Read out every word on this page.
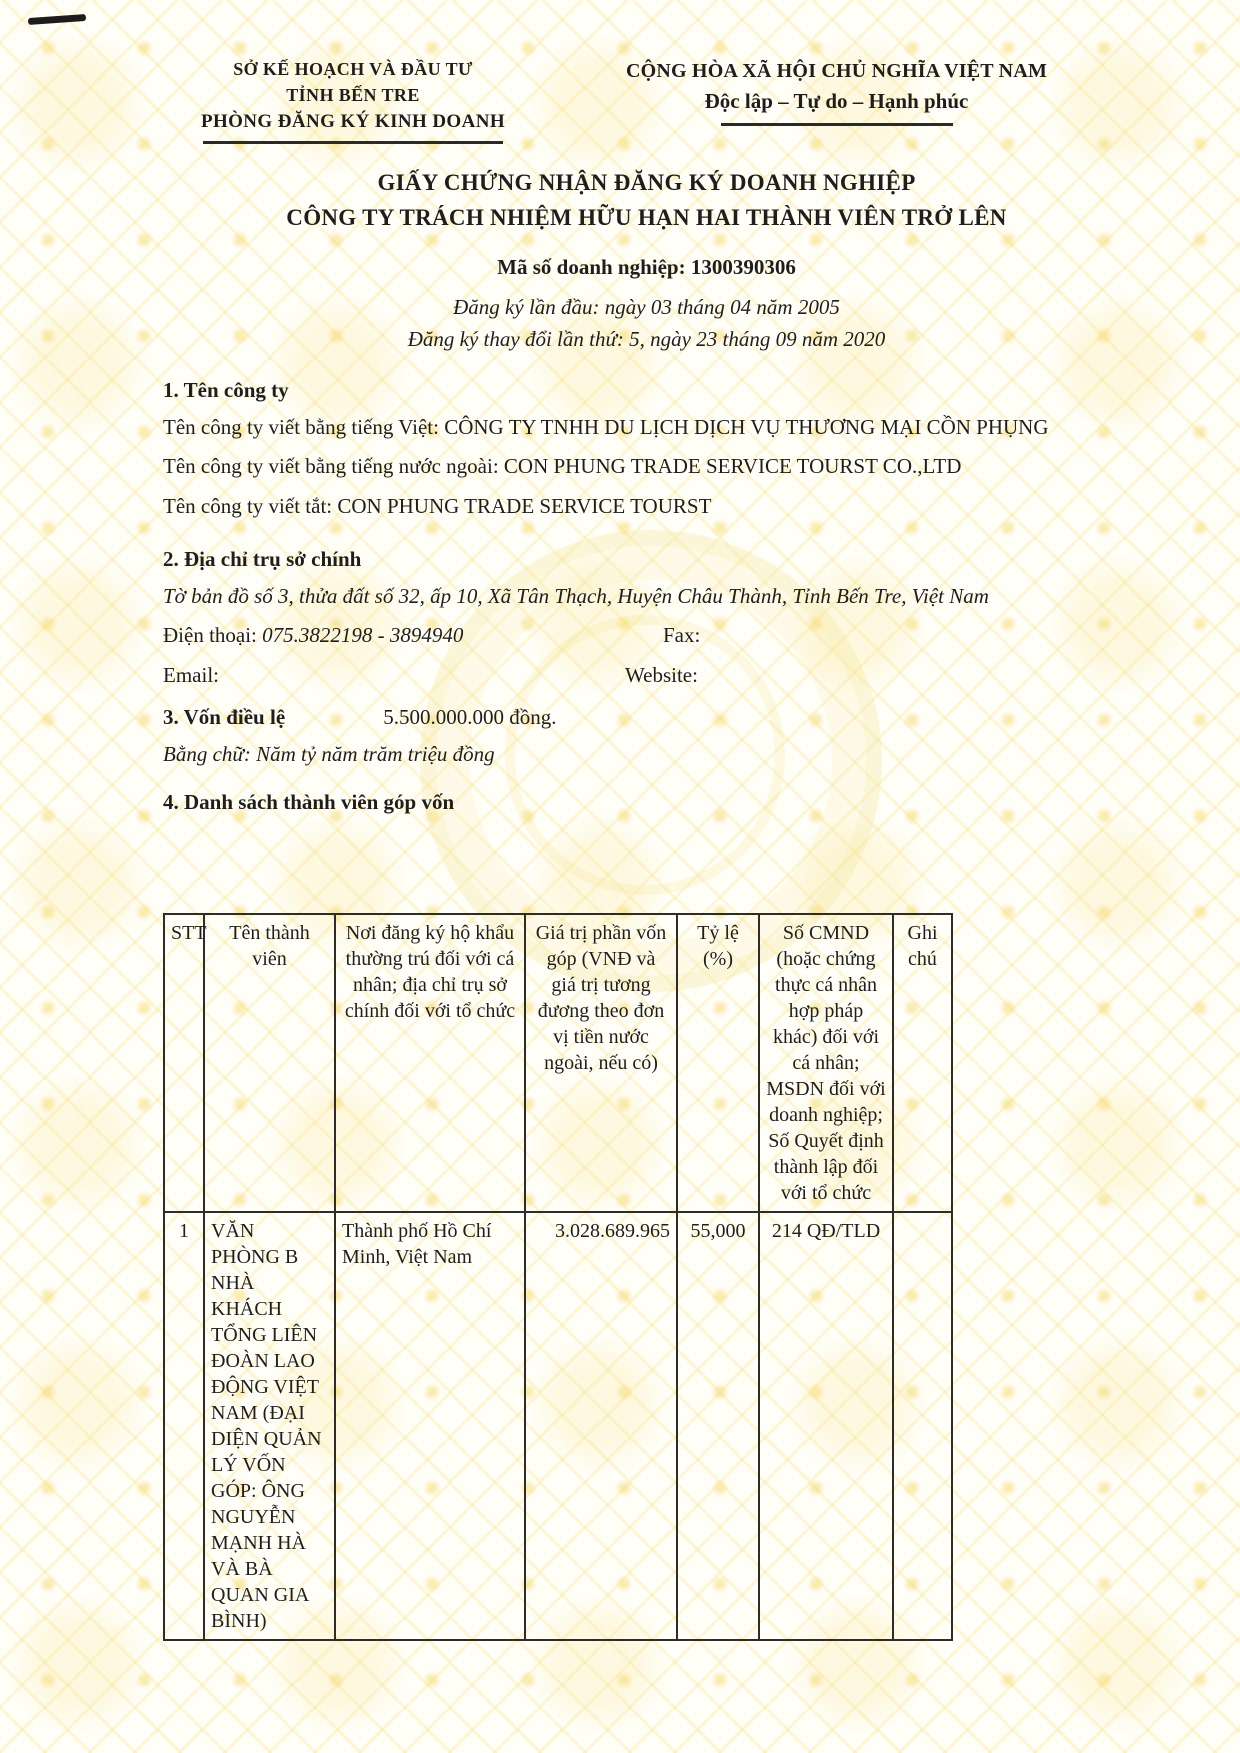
SỞ KẾ HOẠCH VÀ ĐẦU TƯ
TỈNH BẾN TRE
PHÒNG ĐĂNG KÝ KINH DOANH
CỘNG HÒA XÃ HỘI CHỦ NGHĨA VIỆT NAM
Độc lập – Tự do – Hạnh phúc
GIẤY CHỨNG NHẬN ĐĂNG KÝ DOANH NGHIỆP
CÔNG TY TRÁCH NHIỆM HỮU HẠN HAI THÀNH VIÊN TRỞ LÊN
Mã số doanh nghiệp: 1300390306
Đăng ký lần đầu: ngày 03 tháng 04 năm 2005
Đăng ký thay đổi lần thứ: 5, ngày 23 tháng 09 năm 2020
1. Tên công ty
Tên công ty viết bằng tiếng Việt: CÔNG TY TNHH DU LỊCH DỊCH VỤ THƯƠNG MẠI CỒN PHỤNG
Tên công ty viết bằng tiếng nước ngoài: CON PHUNG TRADE SERVICE TOURST CO.,LTD
Tên công ty viết tắt: CON PHUNG TRADE SERVICE TOURST
2. Địa chỉ trụ sở chính
Tờ bản đồ số 3, thửa đất số 32, ấp 10, Xã Tân Thạch, Huyện Châu Thành, Tỉnh Bến Tre, Việt Nam
Điện thoại: 075.3822198 - 3894940	Fax:
Email:	Website:
3. Vốn điều lệ	5.500.000.000 đồng.
Bằng chữ: Năm tỷ năm trăm triệu đồng
4. Danh sách thành viên góp vốn
STT	Tên thành viên	Nơi đăng ký hộ khẩu thường trú đối với cá nhân; địa chỉ trụ sở chính đối với tổ chức	Giá trị phần vốn góp (VNĐ và giá trị tương đương theo đơn vị tiền nước ngoài, nếu có)	Tỷ lệ (%)	Số CMND (hoặc chứng thực cá nhân hợp pháp khác) đối với cá nhân; MSDN đối với doanh nghiệp; Số Quyết định thành lập đối với tổ chức	Ghi chú
1	VĂN PHÒNG B NHÀ KHÁCH TỔNG LIÊN ĐOÀN LAO ĐỘNG VIỆT NAM (ĐẠI DIỆN QUẢN LÝ VỐN GÓP: ÔNG NGUYỄN MẠNH HÀ VÀ BÀ QUAN GIA BÌNH)	Thành phố Hồ Chí Minh, Việt Nam	3.028.689.965	55,000	214 QĐ/TLD	
